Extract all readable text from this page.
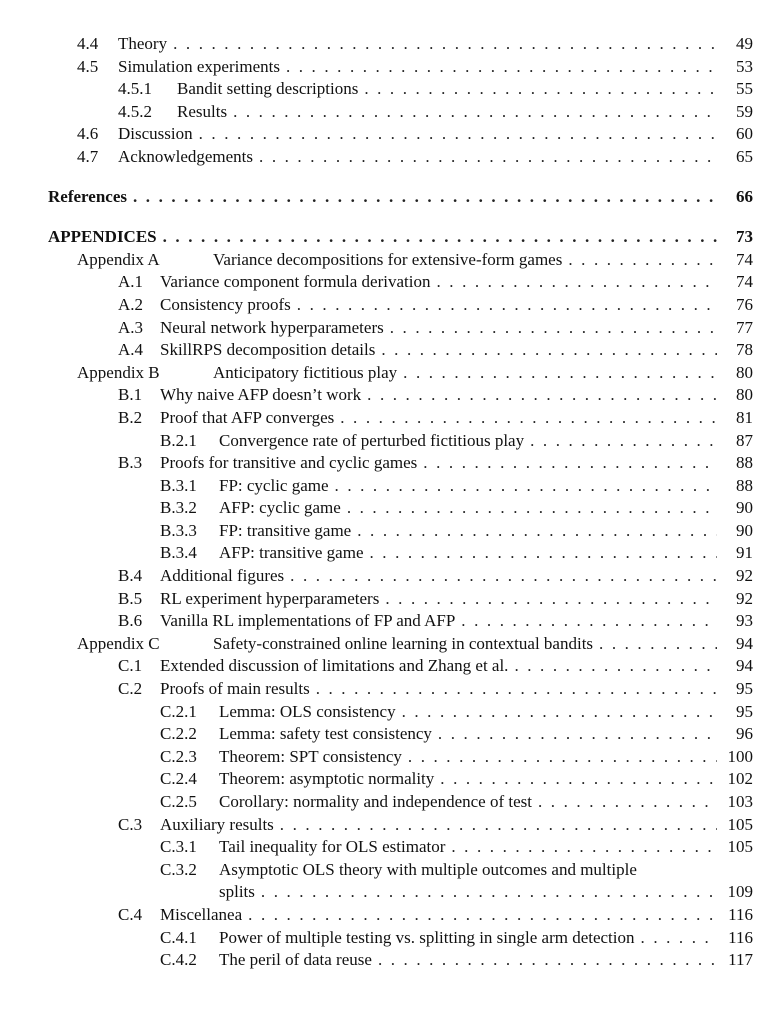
4.4 Theory . . .	49
4.5 Simulation experiments . . .	53
4.5.1 Bandit setting descriptions . . .	55
4.5.2 Results . . .	59
4.6 Discussion . . .	60
4.7 Acknowledgements . . .	65
References . . .	66
APPENDICES . . .	73
Appendix A	Variance decompositions for extensive-form games . . .	74
A.1 Variance component formula derivation . . .	74
A.2 Consistency proofs . . .	76
A.3 Neural network hyperparameters . . .	77
A.4 SkillRPS decomposition details . . .	78
Appendix B	Anticipatory fictitious play . . .	80
B.1 Why naive AFP doesn’t work . . .	80
B.2 Proof that AFP converges . . .	81
B.2.1 Convergence rate of perturbed fictitious play . . .	87
B.3 Proofs for transitive and cyclic games . . .	88
B.3.1 FP: cyclic game . . .	88
B.3.2 AFP: cyclic game . . .	90
B.3.3 FP: transitive game . . .	90
B.3.4 AFP: transitive game . . .	91
B.4 Additional figures . . .	92
B.5 RL experiment hyperparameters . . .	92
B.6 Vanilla RL implementations of FP and AFP . . .	93
Appendix C	Safety-constrained online learning in contextual bandits . . .	94
C.1 Extended discussion of limitations and Zhang et al. . . .	94
C.2 Proofs of main results . . .	95
C.2.1 Lemma: OLS consistency . . .	95
C.2.2 Lemma: safety test consistency . . .	96
C.2.3 Theorem: SPT consistency . . .	100
C.2.4 Theorem: asymptotic normality . . .	102
C.2.5 Corollary: normality and independence of test . . .	103
C.3 Auxiliary results . . .	105
C.3.1 Tail inequality for OLS estimator . . .	105
C.3.2 Asymptotic OLS theory with multiple outcomes and multiple
splits . . .	109
C.4 Miscellanea . . .	116
C.4.1 Power of multiple testing vs. splitting in single arm detection . . .	116
C.4.2 The peril of data reuse . . .	117
